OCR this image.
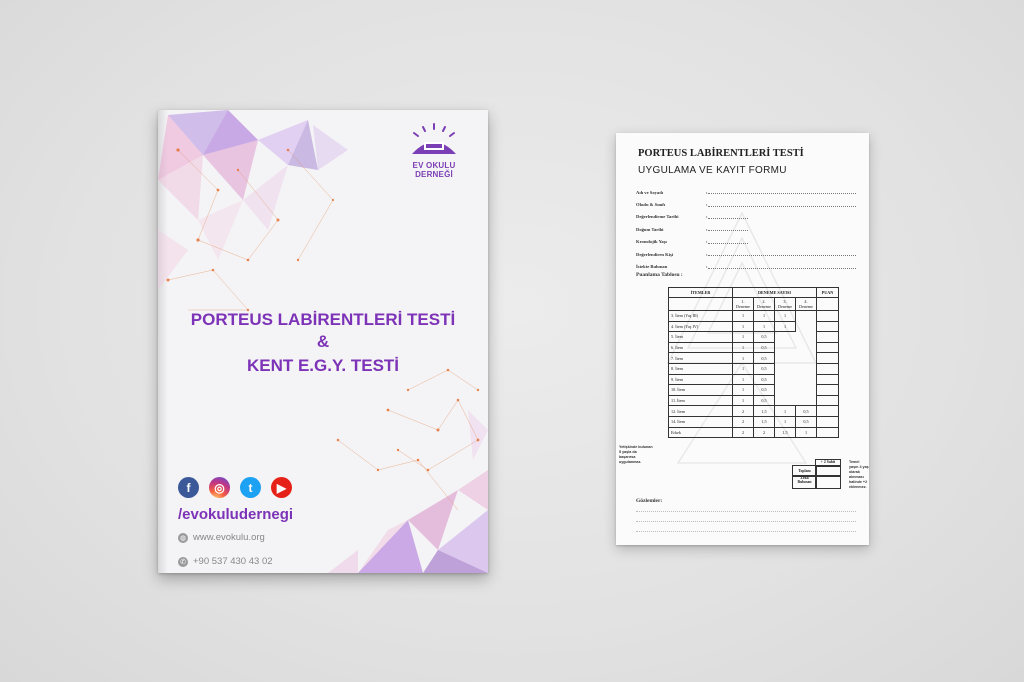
EV OKULU DERNEĞİ
PORTEUS LABİRENTLERİ TESTİ
&
KENT E.G.Y. TESTİ
f	◎	t	▶
/evokuludernegi
◍ www.evokulu.org
✆ +90 537 430 43 02
PORTEUS LABİRENTLERİ TESTİ
UYGULAMA VE KAYIT FORMU
Adı ve Soyadı	:
Okulu & Sınıfı	:
Değerlendirme Tarihi	:
Doğum Tarihi	:
Kronolojik Yaşı	:
Değerlendiren Kişi	:
İstekte Bulunan	:
Puanlama Tablosu :
İTEMLER	DENEME SAYISI				PUAN
	1. Deneme	2. Deneme	3. Deneme	4. Deneme	
3. İtem (Yaş III)	1	1	1		
4. İtem (Yaş IV)	1	1	1		
5. İtem	1	0,5			
6. İtem	1	0,5			
7. İtem	1	0,5			
8. İtem	1	0,5			
9. İtem	1	0,5			
10. İtem	1	0,5			
11. İtem	1	0,5			
12. İtem	2	1,5	1	0,5	
14. İtem	2	1,5	1	0,5	
Erkek	2	2	1,5	1	
+ 2 Sabit
Toplam
Zekâ Bulunan
Yetişkinde bulunan 5 yaşla da başarırsa uygulanmaz.	Temel yaşın 4 yaş olarak alınması halinde +2 eklenmez.
Gözlemler:
